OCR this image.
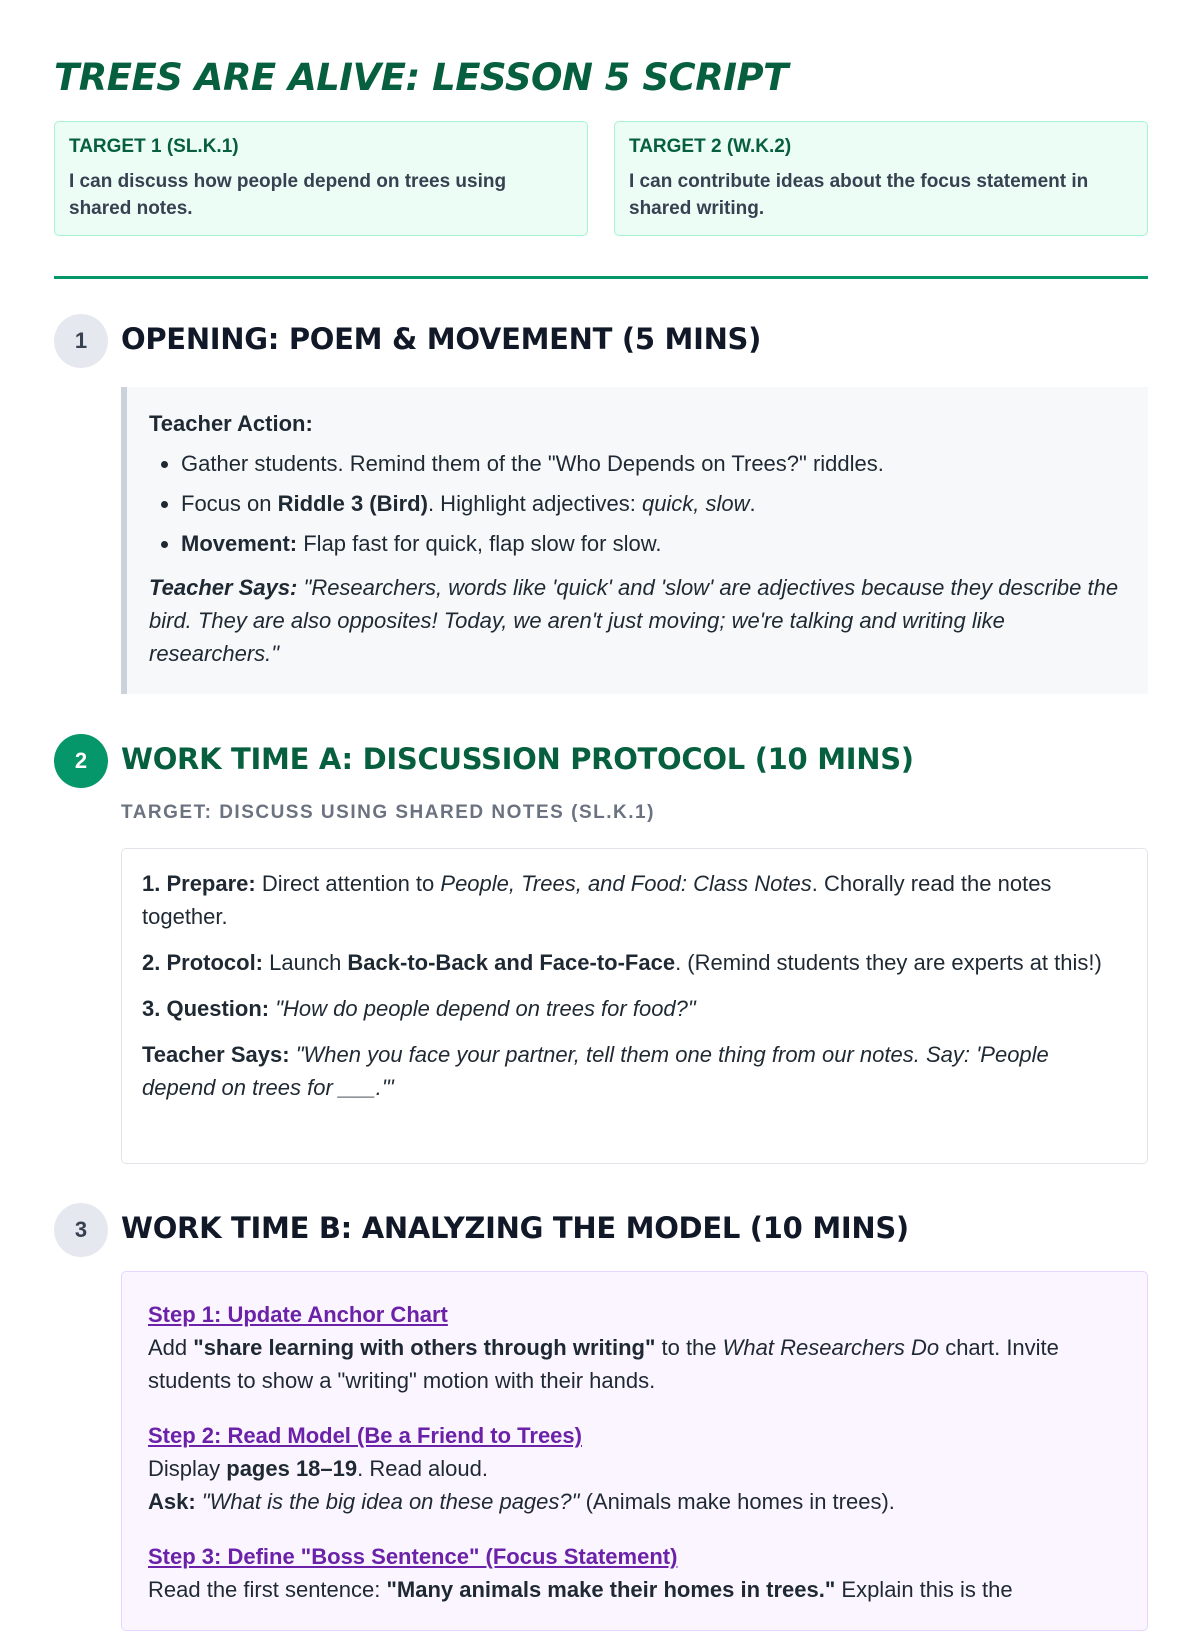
TREES ARE ALIVE: LESSON 5 SCRIPT
TARGET 1 (SL.K.1)
I can discuss how people depend on trees using shared notes.
TARGET 2 (W.K.2)
I can contribute ideas about the focus statement in shared writing.
1	OPENING: POEM & MOVEMENT (5 MINS)
Teacher Action:
• Gather students. Remind them of the "Who Depends on Trees?" riddles.
• Focus on Riddle 3 (Bird). Highlight adjectives: quick, slow.
• Movement: Flap fast for quick, flap slow for slow.
Teacher Says: "Researchers, words like 'quick' and 'slow' are adjectives because they describe the bird. They are also opposites! Today, we aren't just moving; we're talking and writing like researchers."
2	WORK TIME A: DISCUSSION PROTOCOL (10 MINS)
TARGET: DISCUSS USING SHARED NOTES (SL.K.1)
1. Prepare: Direct attention to People, Trees, and Food: Class Notes. Chorally read the notes together.
2. Protocol: Launch Back-to-Back and Face-to-Face. (Remind students they are experts at this!)
3. Question: "How do people depend on trees for food?"
Teacher Says: "When you face your partner, tell them one thing from our notes. Say: 'People depend on trees for ___.'"
3	WORK TIME B: ANALYZING THE MODEL (10 MINS)
Step 1: Update Anchor Chart
Add "share learning with others through writing" to the What Researchers Do chart. Invite students to show a "writing" motion with their hands.
Step 2: Read Model (Be a Friend to Trees)
Display pages 18–19. Read aloud.
Ask: "What is the big idea on these pages?" (Animals make homes in trees).
Step 3: Define "Boss Sentence" (Focus Statement)
Read the first sentence: "Many animals make their homes in trees." Explain this is the
